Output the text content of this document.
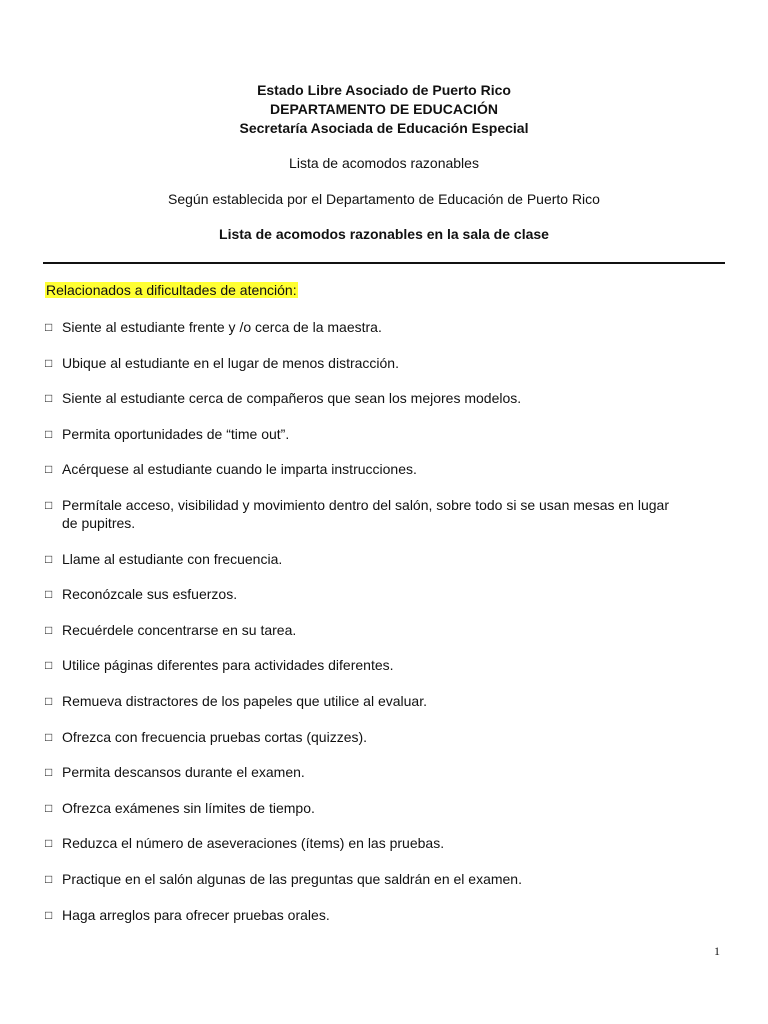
Estado Libre Asociado de Puerto Rico
DEPARTAMENTO DE EDUCACIÓN
Secretaría Asociada de Educación Especial
Lista de acomodos razonables
Según establecida por el Departamento de Educación de Puerto Rico
Lista de acomodos razonables en la sala de clase
Relacionados a dificultades de atención:
□ Siente al estudiante frente y /o cerca de la maestra.
□ Ubique al estudiante en el lugar de menos distracción.
□ Siente al estudiante cerca de compañeros que sean los mejores modelos.
□ Permita oportunidades de “time out”.
□ Acérquese al estudiante cuando le imparta instrucciones.
□ Permítale acceso, visibilidad y movimiento dentro del salón, sobre todo si se usan mesas en lugar de pupitres.
□ Llame al estudiante con frecuencia.
□ Reconózcale sus esfuerzos.
□ Recuérdele concentrarse en su tarea.
□ Utilice páginas diferentes para actividades diferentes.
□ Remueva distractores de los papeles que utilice al evaluar.
□ Ofrezca con frecuencia pruebas cortas (quizzes).
□ Permita descansos durante el examen.
□ Ofrezca exámenes sin límites de tiempo.
□ Reduzca el número de aseveraciones (ítems) en las pruebas.
□ Practique en el salón algunas de las preguntas que saldrán en el examen.
□ Haga arreglos para ofrecer pruebas orales.
1
